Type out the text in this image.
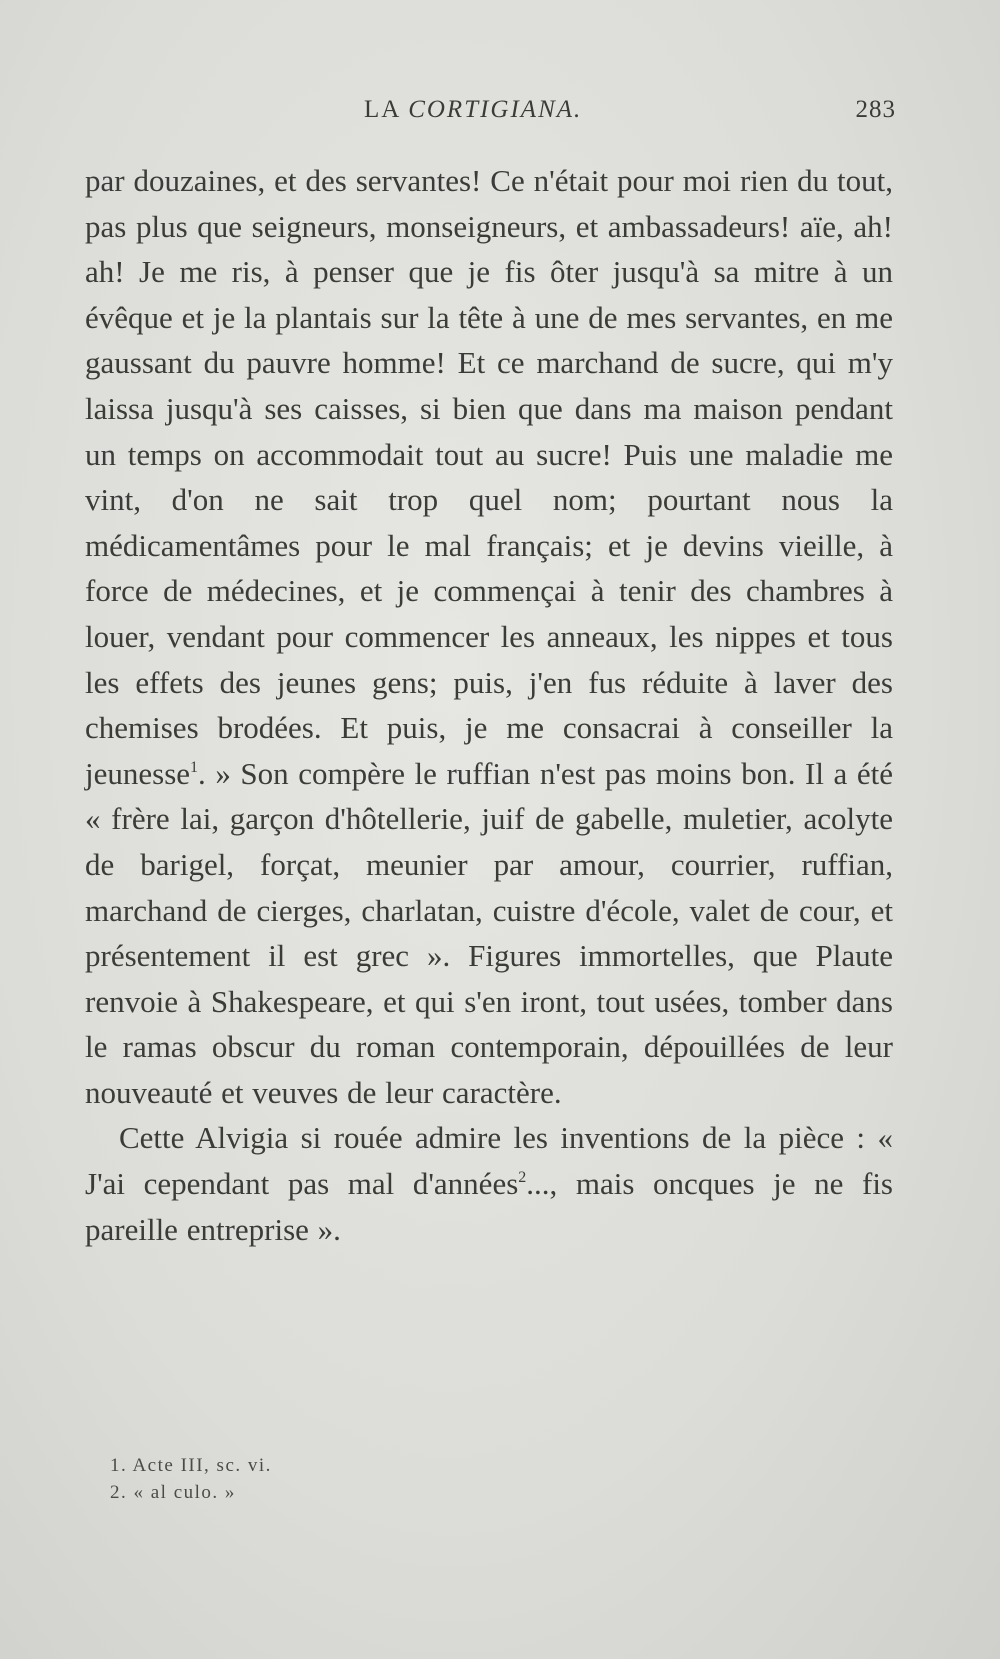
LA CORTIGIANA.	283

par douzaines, et des servantes! Ce n'était pour moi rien du tout, pas plus que seigneurs, monseigneurs, et ambassadeurs! aïe, ah! ah! Je me ris, à penser que je fis ôter jusqu'à sa mitre à un évêque et je la plantais sur la tête à une de mes servantes, en me gaussant du pauvre homme! Et ce marchand de sucre, qui m'y laissa jusqu'à ses caisses, si bien que dans ma maison pendant un temps on accommodait tout au sucre! Puis une maladie me vint, d'on ne sait trop quel nom; pourtant nous la médicamentâmes pour le mal français; et je devins vieille, à force de médecines, et je commençai à tenir des chambres à louer, vendant pour commencer les anneaux, les nippes et tous les effets des jeunes gens; puis, j'en fus réduite à laver des chemises brodées. Et puis, je me consacrai à conseiller la jeunesse$^1$. » Son compère le ruffian n'est pas moins bon. Il a été « frère lai, garçon d'hôtellerie, juif de gabelle, muletier, acolyte de barigel, forçat, meunier par amour, courrier, ruffian, marchand de cierges, charlatan, cuistre d'école, valet de cour, et présentement il est grec ». Figures immortelles, que Plaute renvoie à Shakespeare, et qui s'en iront, tout usées, tomber dans le ramas obscur du roman contemporain, dépouillées de leur nouveauté et veuves de leur caractère.

Cette Alvigia si rouée admire les inventions de la pièce : « J'ai cependant pas mal d'années$^2$..., mais oncques je ne fis pareille entreprise ».

1. Acte III, sc. vi.
2. « al culo. »
